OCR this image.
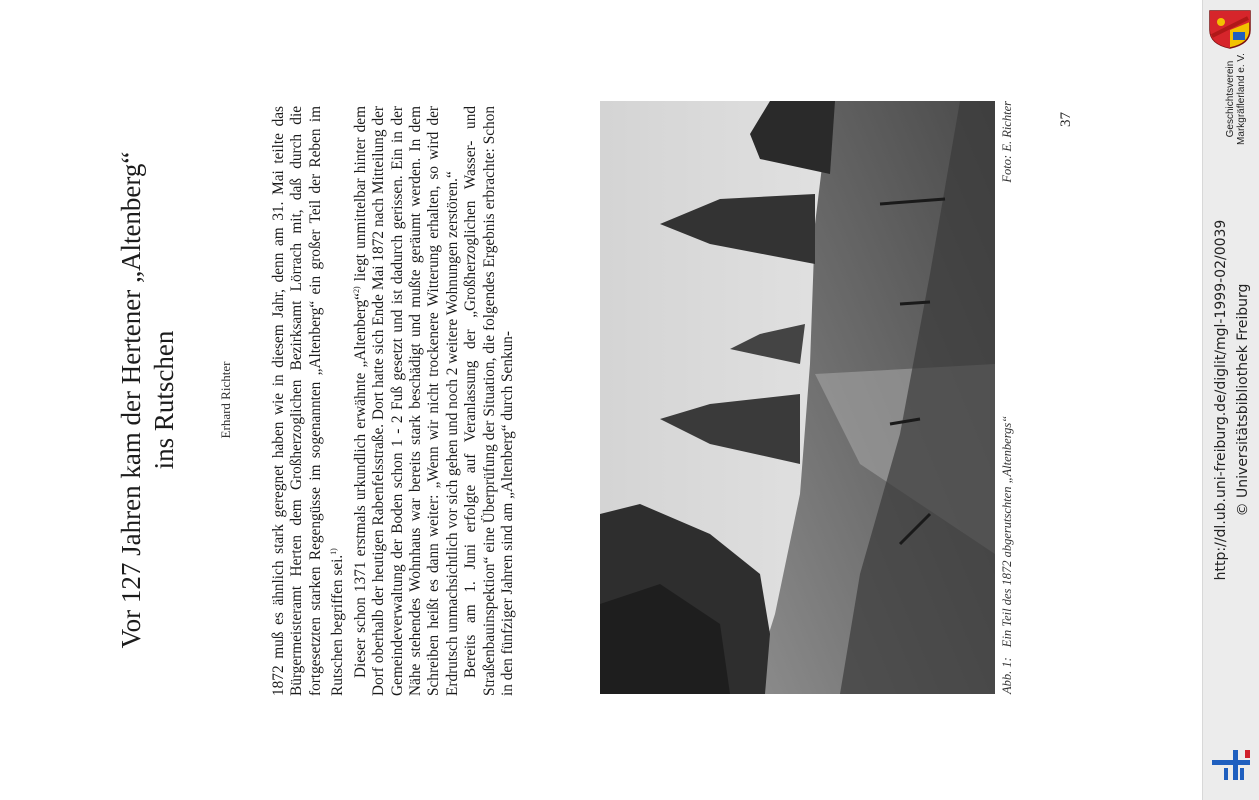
Vor 127 Jahren kam der Hertener „Altenberg“ ins Rutschen	Erhard Richter 1872 muß es ähnlich stark geregnet haben wie in diesem Jahr, denn am 31. Mai teilte das Bürgermeisteramt Herten dem Großherzoglichen Bezirksamt Lörrach mit, daß durch die fortgesetzten starken Regengüsse im sogenannten „Altenberg“ ein großer Teil der Reben im Rutschen begriffen sei.$^{1)}$ Dieser schon 1371 erstmals urkundlich erwähnte „Altenberg“$^{2)}$ liegt unmittelbar hinter dem Dorf oberhalb der heutigen Rabenfelsstraße. Dort hatte sich Ende Mai 1872 nach Mitteilung der Gemeindeverwaltung der Boden schon 1 - 2 Fuß gesetzt und ist dadurch gerissen. Ein in der Nähe stehendes Wohnhaus war bereits stark beschädigt und mußte geräumt werden. In dem Schreiben heißt es dann weiter: „Wenn wir nicht trockenere Witterung erhalten, so wird der Erdrutsch unmachsichtlich vor sich gehen und noch 2 weitere Wohnungen zerstören.“ Bereits am 1. Juni erfolgte auf Veranlassung der „Großherzoglichen Wasser- und Straßenbauinspektion“ eine Überprüfung der Situation, die folgendes Ergebnis erbrachte: Schon in den fünfziger Jahren sind am „Altenberg“ durch Senkun-	Abb. 1:Ein Teil des 1872 abgerutschten „Altenbergs“
Foto: E. Richter	37
http://dl.ub.uni-freiburg.de/diglit/mgl-1999-02/0039 © Universitätsbibliothek Freiburg
Geschichtsverein Markgräflerland e. V.
